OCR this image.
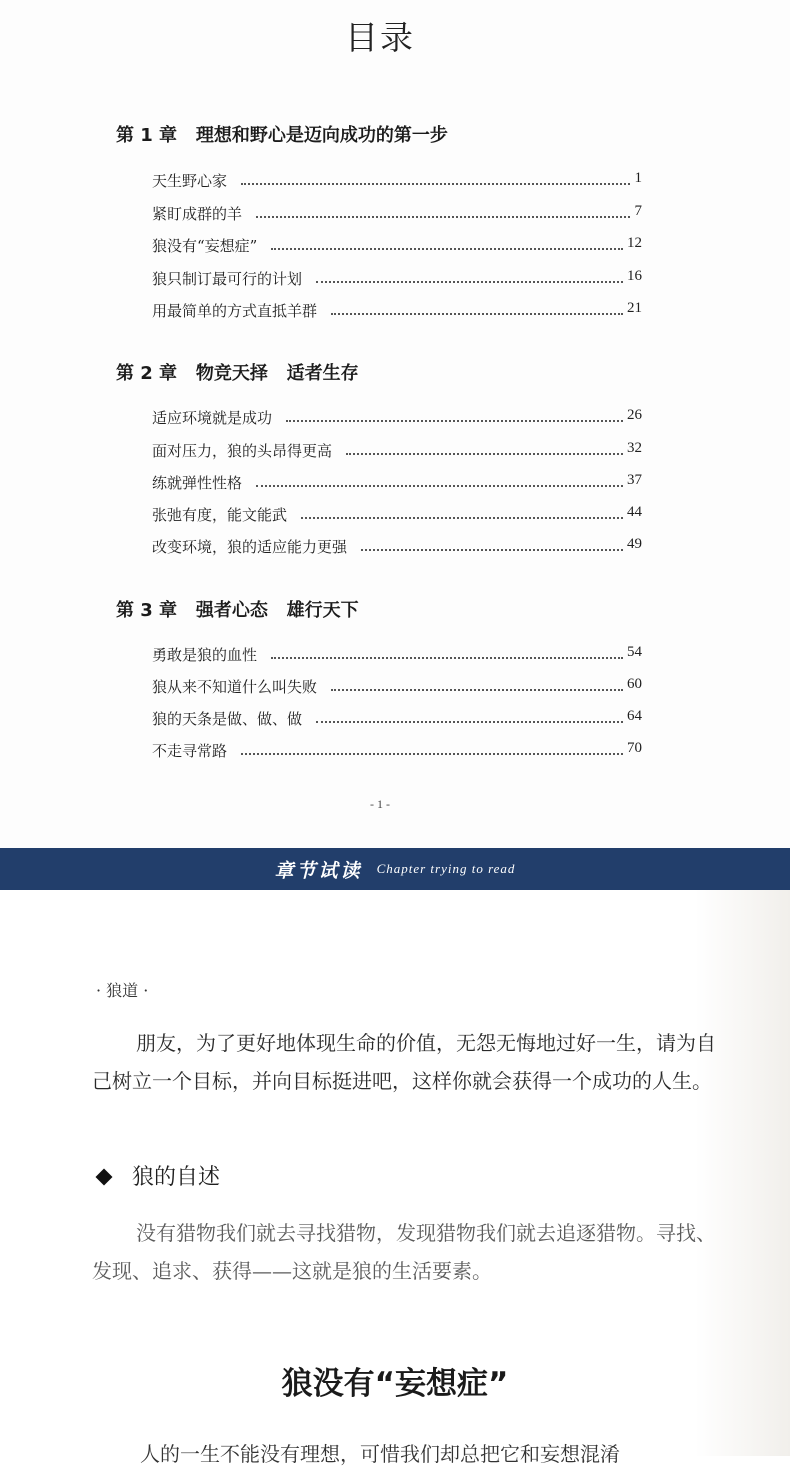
目录
第 1 章   理想和野心是迈向成功的第一步
天生野心家	1
紧盯成群的羊	7
狼没有“妄想症”	12
狼只制订最可行的计划	16
用最简单的方式直抵羊群	21
第 2 章   物竞天择   适者生存
适应环境就是成功	26
面对压力，狼的头昂得更高	32
练就弹性性格	37
张弛有度，能文能武	44
改变环境，狼的适应能力更强	49
第 3 章   强者心态   雄行天下
勇敢是狼的血性	54
狼从来不知道什么叫失败	60
狼的天条是做、做、做	64
不走寻常路	70
- 1 -
章节试读 Chapter trying to read
· 狼道 ·

朋友，为了更好地体现生命的价值，无怨无悔地过好一生，请为自己树立一个目标，并向目标挺进吧，这样你就会获得一个成功的人生。

狼的自述

没有猎物我们就去寻找猎物，发现猎物我们就去追逐猎物。寻找、发现、追求、获得——这就是狼的生活要素。

狼没有“妄想症”
人的一生不能没有理想，可惜我们却总把它和妄想混淆
